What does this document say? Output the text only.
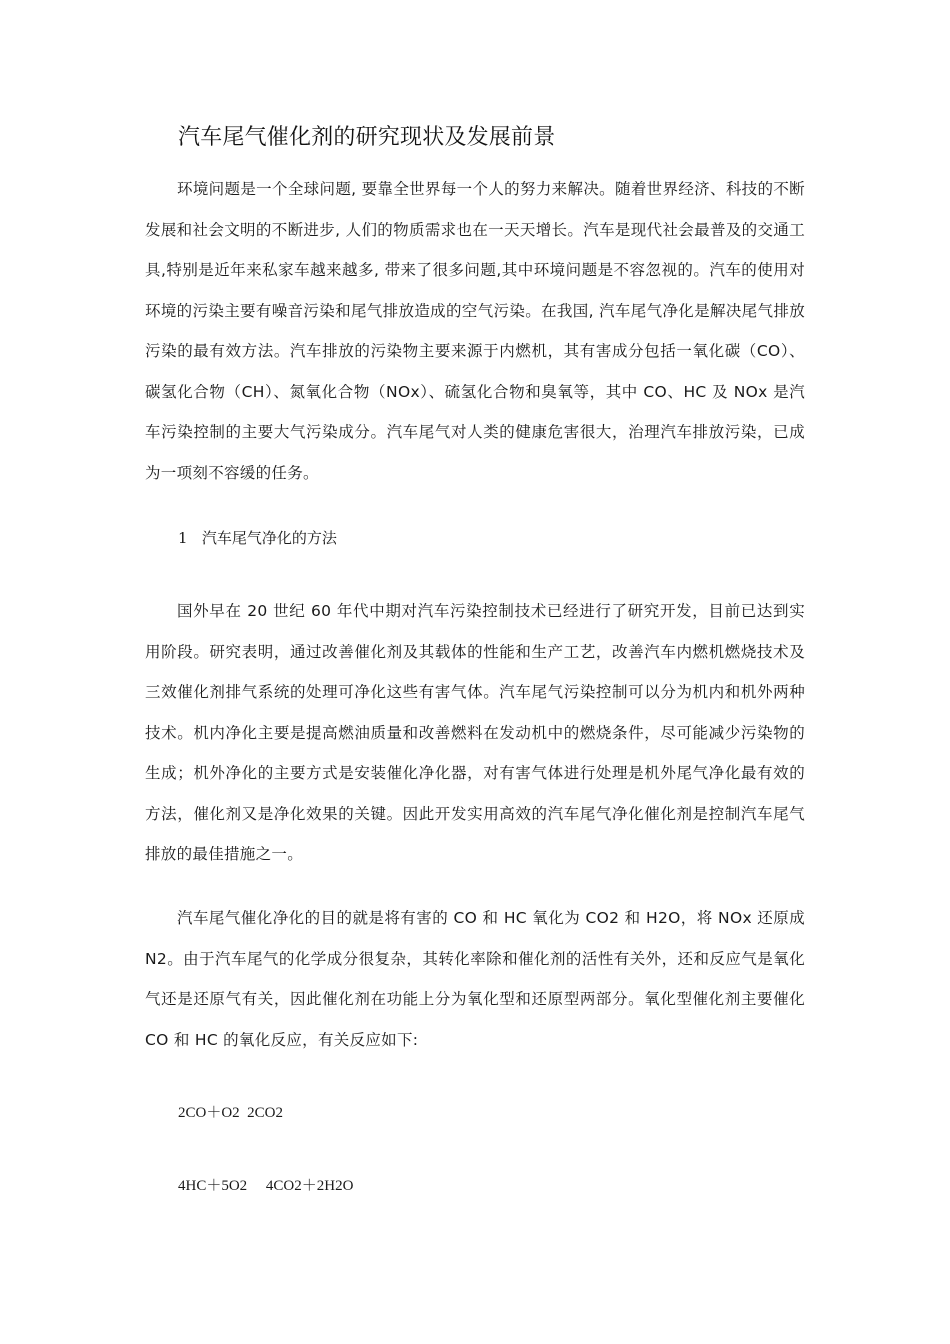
汽车尾气催化剂的研究现状及发展前景

环境问题是一个全球问题, 要靠全世界每一个人的努力来解决。随着世界经济、科技的不断发展和社会文明的不断进步, 人们的物质需求也在一天天增长。汽车是现代社会最普及的交通工具,特别是近年来私家车越来越多, 带来了很多问题,其中环境问题是不容忽视的。汽车的使用对环境的污染主要有噪音污染和尾气排放造成的空气污染。在我国, 汽车尾气净化是解决尾气排放污染的最有效方法。汽车排放的污染物主要来源于内燃机，其有害成分包括一氧化碳（CO）、碳氢化合物（CH）、氮氧化合物（NOx）、硫氢化合物和臭氧等，其中 CO、HC 及 NOx 是汽车污染控制的主要大气污染成分。汽车尾气对人类的健康危害很大，治理汽车排放污染，已成为一项刻不容缓的任务。

1   汽车尾气净化的方法

国外早在 20 世纪 60 年代中期对汽车污染控制技术已经进行了研究开发，目前已达到实用阶段。研究表明，通过改善催化剂及其载体的性能和生产工艺，改善汽车内燃机燃烧技术及三效催化剂排气系统的处理可净化这些有害气体。汽车尾气污染控制可以分为机内和机外两种技术。机内净化主要是提高燃油质量和改善燃料在发动机中的燃烧条件，尽可能减少污染物的生成；机外净化的主要方式是安装催化净化器，对有害气体进行处理是机外尾气净化最有效的方法，催化剂又是净化效果的关键。因此开发实用高效的汽车尾气净化催化剂是控制汽车尾气排放的最佳措施之一。

汽车尾气催化净化的目的就是将有害的 CO 和 HC 氧化为 CO2 和 H2O，将 NOx 还原成 N2。由于汽车尾气的化学成分很复杂，其转化率除和催化剂的活性有关外，还和反应气是氧化气还是还原气有关，因此催化剂在功能上分为氧化型和还原型两部分。氧化型催化剂主要催化 CO 和 HC 的氧化反应，有关反应如下:

2CO＋O2  2CO2
4HC＋5O2     4CO2＋2H2O
